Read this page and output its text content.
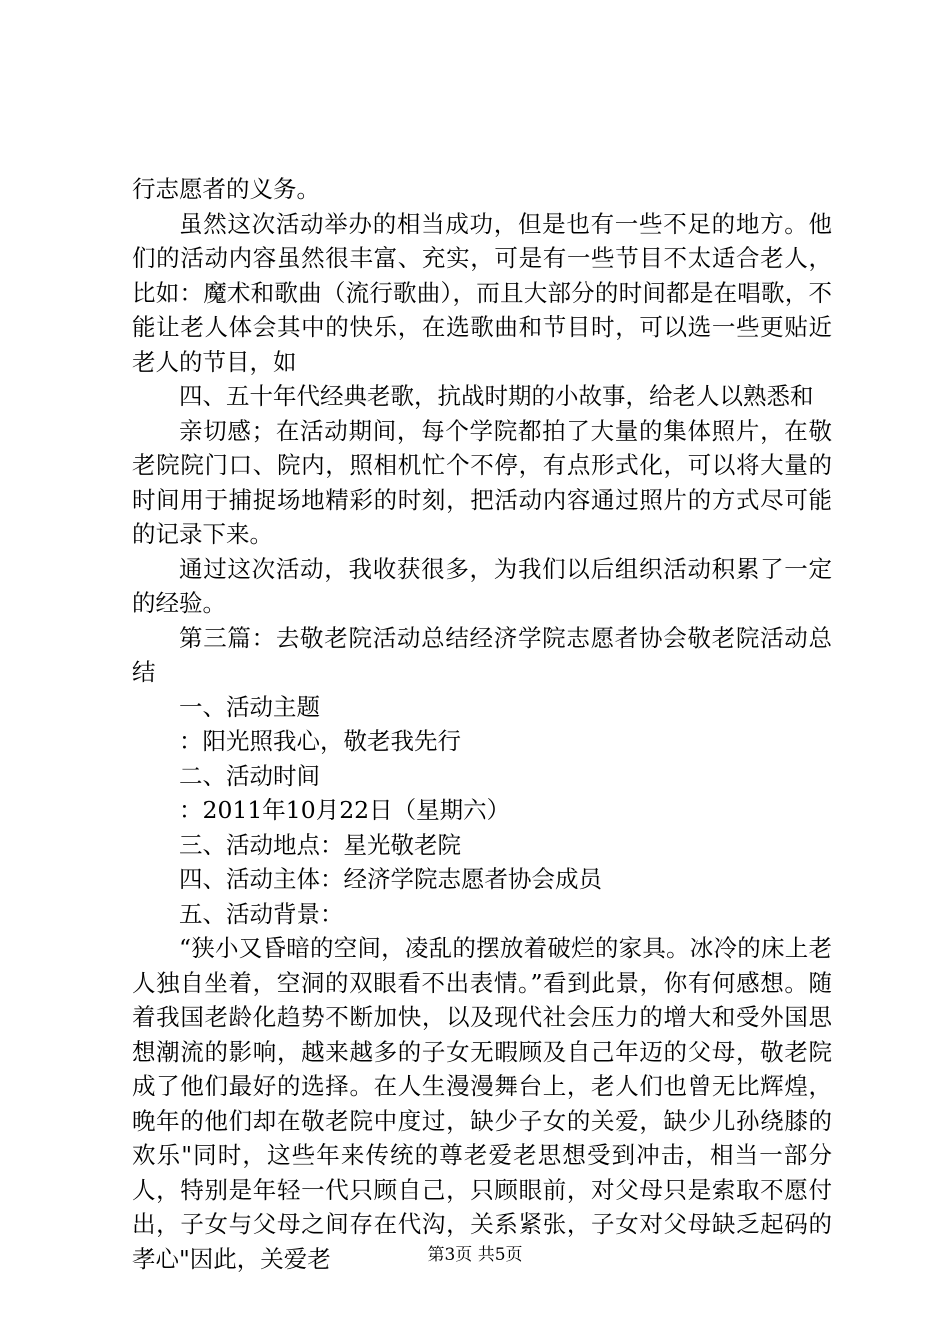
行志愿者的义务。

虽然这次活动举办的相当成功，但是也有一些不足的地方。他们的活动内容虽然很丰富、充实，可是有一些节目不太适合老人，比如：魔术和歌曲（流行歌曲），而且大部分的时间都是在唱歌，不能让老人体会其中的快乐，在选歌曲和节目时，可以选一些更贴近老人的节目，如

四、五十年代经典老歌，抗战时期的小故事，给老人以熟悉和

亲切感；在活动期间，每个学院都拍了大量的集体照片，在敬老院院门口、院内，照相机忙个不停，有点形式化，可以将大量的时间用于捕捉场地精彩的时刻，把活动内容通过照片的方式尽可能的记录下来。

通过这次活动，我收获很多，为我们以后组织活动积累了一定的经验。

第三篇：去敬老院活动总结经济学院志愿者协会敬老院活动总结

一、活动主题

：阳光照我心，敬老我先行

二、活动时间

：2011年10月22日（星期六）

三、活动地点：星光敬老院

四、活动主体：经济学院志愿者协会成员

五、活动背景：

“狭小又昏暗的空间，凌乱的摆放着破烂的家具。冰冷的床上老人独自坐着，空洞的双眼看不出表情。”看到此景，你有何感想。随着我国老龄化趋势不断加快，以及现代社会压力的增大和受外国思想潮流的影响，越来越多的子女无暇顾及自己年迈的父母，敬老院成了他们最好的选择。在人生漫漫舞台上，老人们也曾无比辉煌，晚年的他们却在敬老院中度过，缺少子女的关爱，缺少儿孙绕膝的欢乐"同时，这些年来传统的尊老爱老思想受到冲击，相当一部分人，特别是年轻一代只顾自己，只顾眼前，对父母只是索取不愿付出，子女与父母之间存在代沟，关系紧张，子女对父母缺乏起码的孝心"因此，关爱老	第3页 共5页
